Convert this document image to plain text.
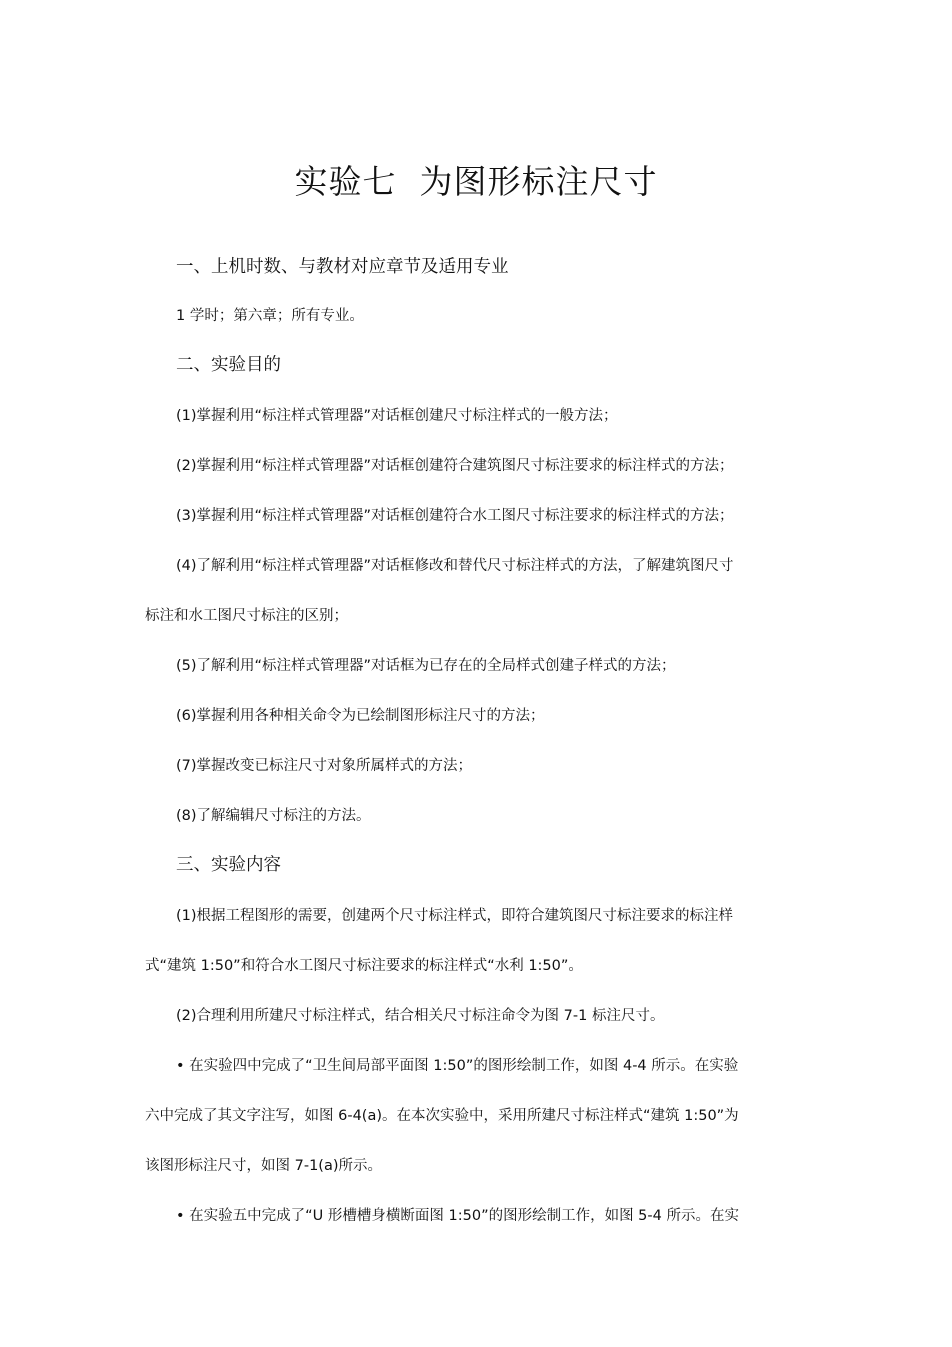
实验七  为图形标注尺寸
一、上机时数、与教材对应章节及适用专业
1 学时；第六章；所有专业。
二、实验目的
(1)掌握利用“标注样式管理器”对话框创建尺寸标注样式的一般方法；
(2)掌握利用“标注样式管理器”对话框创建符合建筑图尺寸标注要求的标注样式的方法；
(3)掌握利用“标注样式管理器”对话框创建符合水工图尺寸标注要求的标注样式的方法；
(4)了解利用“标注样式管理器”对话框修改和替代尺寸标注样式的方法，了解建筑图尺寸
标注和水工图尺寸标注的区别；
(5)了解利用“标注样式管理器”对话框为已存在的全局样式创建子样式的方法；
(6)掌握利用各种相关命令为已绘制图形标注尺寸的方法；
(7)掌握改变已标注尺寸对象所属样式的方法；
(8)了解编辑尺寸标注的方法。
三、实验内容
(1)根据工程图形的需要，创建两个尺寸标注样式，即符合建筑图尺寸标注要求的标注样
式“建筑 1:50”和符合水工图尺寸标注要求的标注样式“水利 1:50”。
(2)合理利用所建尺寸标注样式，结合相关尺寸标注命令为图 7-1 标注尺寸。
• 在实验四中完成了“卫生间局部平面图 1:50”的图形绘制工作，如图 4-4 所示。在实验
六中完成了其文字注写，如图 6-4(a)。在本次实验中，采用所建尺寸标注样式“建筑 1:50”为
该图形标注尺寸，如图 7-1(a)所示。
• 在实验五中完成了“U 形槽槽身横断面图 1:50”的图形绘制工作，如图 5-4 所示。在实
